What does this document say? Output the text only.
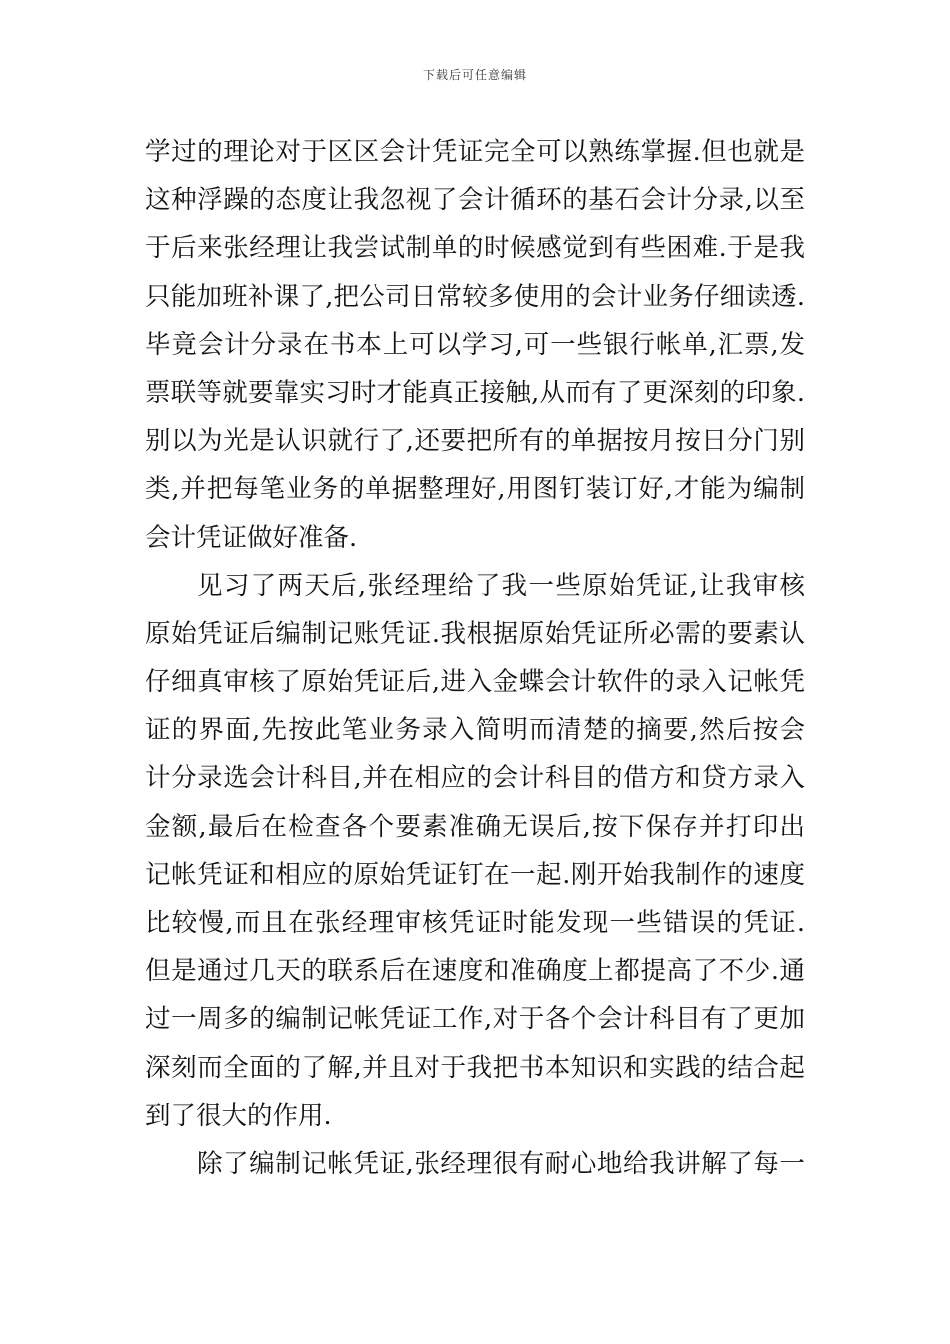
下载后可任意编辑
学过的理论对于区区会计凭证完全可以熟练掌握.但也就是
这种浮躁的态度让我忽视了会计循环的基石会计分录,以至
于后来张经理让我尝试制单的时候感觉到有些困难.于是我
只能加班补课了,把公司日常较多使用的会计业务仔细读透.
毕竟会计分录在书本上可以学习,可一些银行帐单,汇票,发
票联等就要靠实习时才能真正接触,从而有了更深刻的印象.
别以为光是认识就行了,还要把所有的单据按月按日分门别
类,并把每笔业务的单据整理好,用图钉装订好,才能为编制
会计凭证做好准备.
见习了两天后,张经理给了我一些原始凭证,让我审核
原始凭证后编制记账凭证.我根据原始凭证所必需的要素认
仔细真审核了原始凭证后,进入金蝶会计软件的录入记帐凭
证的界面,先按此笔业务录入简明而清楚的摘要,然后按会
计分录选会计科目,并在相应的会计科目的借方和贷方录入
金额,最后在检查各个要素准确无误后,按下保存并打印出
记帐凭证和相应的原始凭证钉在一起.刚开始我制作的速度
比较慢,而且在张经理审核凭证时能发现一些错误的凭证.
但是通过几天的联系后在速度和准确度上都提高了不少.通
过一周多的编制记帐凭证工作,对于各个会计科目有了更加
深刻而全面的了解,并且对于我把书本知识和实践的结合起
到了很大的作用.
除了编制记帐凭证,张经理很有耐心地给我讲解了每一
